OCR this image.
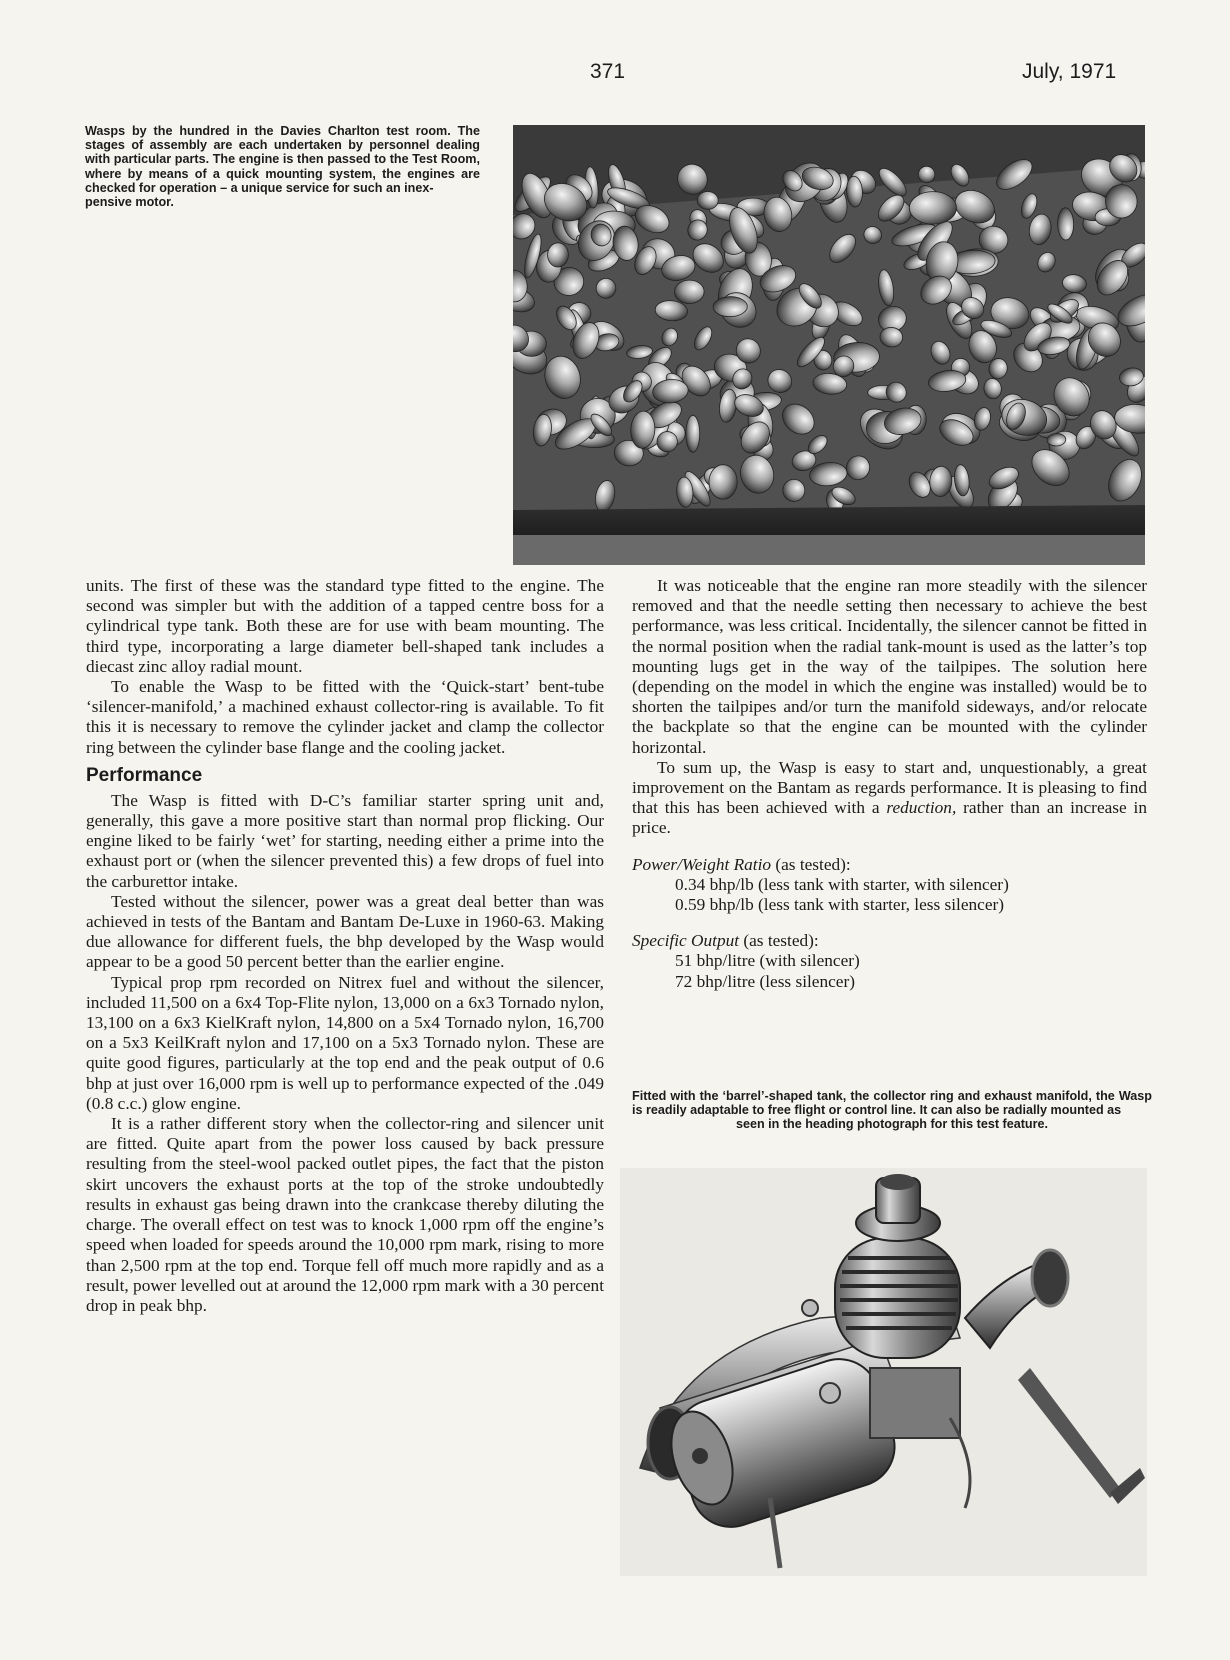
371	July, 1971

Wasps by the hundred in the Davies Charlton test room. The stages of assembly are each undertaken by personnel dealing with particular parts. The engine is then passed to the Test Room, where by means of a quick mounting system, the engines are checked for operation – a unique service for such an inex-

pensive motor.

Fitted with the ‘barrel’-shaped tank, the collector ring and exhaust manifold, the Wasp is readily adaptable to free flight or control line. It can also be radially mounted as

seen in the heading photograph for this test feature.

units. The first of these was the standard type fitted to the engine. The second was simpler but with the addition of a tapped centre boss for a cylindrical type tank. Both these are for use with beam mounting. The third type, incorporating a large diameter bell-shaped tank includes a diecast zinc alloy radial mount.

To enable the Wasp to be fitted with the ‘Quick-start’ bent-tube ‘silencer-manifold,’ a machined exhaust collector-ring is available. To fit this it is necessary to remove the cylinder jacket and clamp the collector ring between the cylinder base flange and the cooling jacket.

Performance

The Wasp is fitted with D-C’s familiar starter spring unit and, generally, this gave a more positive start than normal prop flicking. Our engine liked to be fairly ‘wet’ for starting, needing either a prime into the exhaust port or (when the silencer prevented this) a few drops of fuel into the carburettor intake.

Tested without the silencer, power was a great deal better than was achieved in tests of the Bantam and Bantam De-Luxe in 1960-63. Making due allowance for different fuels, the bhp developed by the Wasp would appear to be a good 50 percent better than the earlier engine.

Typical prop rpm recorded on Nitrex fuel and without the silencer, included 11,500 on a 6x4 Top-Flite nylon, 13,000 on a 6x3 Tornado nylon, 13,100 on a 6x3 KielKraft nylon, 14,800 on a 5x4 Tornado nylon, 16,700 on a 5x3 KeilKraft nylon and 17,100 on a 5x3 Tornado nylon. These are quite good figures, particularly at the top end and the peak output of 0.6 bhp at just over 16,000 rpm is well up to performance expected of the .049 (0.8 c.c.) glow engine.

It is a rather different story when the collector-ring and silencer unit are fitted. Quite apart from the power loss caused by back pressure resulting from the steel-wool packed outlet pipes, the fact that the piston skirt uncovers the exhaust ports at the top of the stroke undoubtedly results in exhaust gas being drawn into the crankcase thereby diluting the charge. The overall effect on test was to knock 1,000 rpm off the engine’s speed when loaded for speeds around the 10,000 rpm mark, rising to more than 2,500 rpm at the top end. Torque fell off much more rapidly and as a result, power levelled out at around the 12,000 rpm mark with a 30 percent drop in peak bhp.

It was noticeable that the engine ran more steadily with the silencer removed and that the needle setting then necessary to achieve the best performance, was less critical. Incidentally, the silencer cannot be fitted in the normal position when the radial tank-mount is used as the latter’s top mounting lugs get in the way of the tailpipes. The solution here (depending on the model in which the engine was installed) would be to shorten the tailpipes and/or turn the manifold sideways, and/or relocate the backplate so that the engine can be mounted with the cylinder horizontal.

To sum up, the Wasp is easy to start and, unquestionably, a great improvement on the Bantam as regards performance. It is pleasing to find that this has been achieved with a reduction, rather than an increase in price.

Power/Weight Ratio (as tested):
0.34 bhp/lb (less tank with starter, with silencer)
0.59 bhp/lb (less tank with starter, less silencer)
Specific Output (as tested):
51 bhp/litre (with silencer)
72 bhp/litre (less silencer)
